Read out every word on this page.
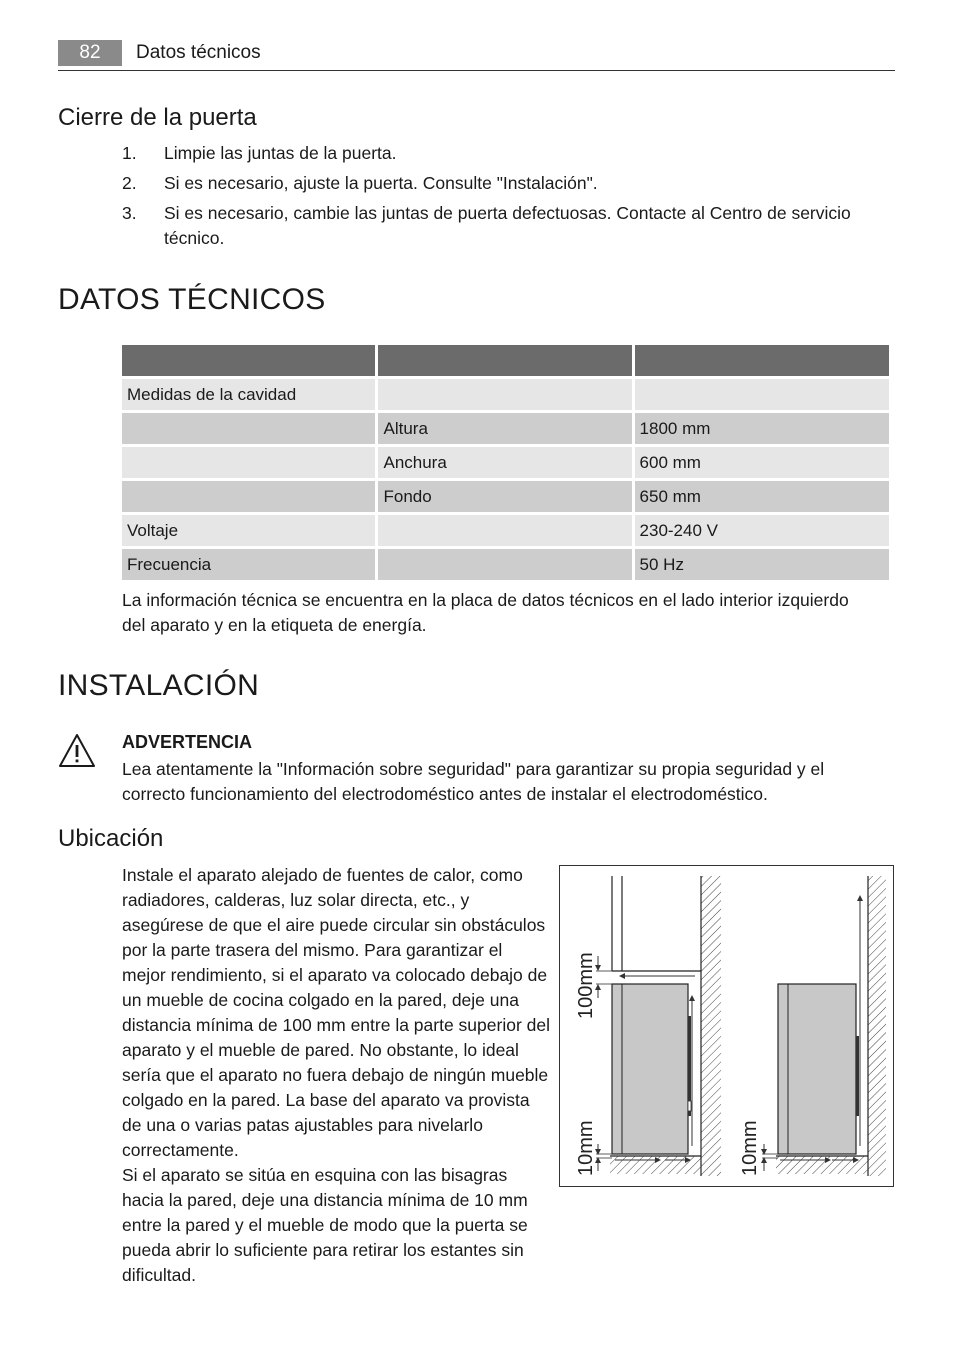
82	Datos técnicos
Cierre de la puerta
1. Limpie las juntas de la puerta.
2. Si es necesario, ajuste la puerta. Consulte "Instalación".
3. Si es necesario, cambie las juntas de puerta defectuosas. Contacte al Centro de servicio técnico.
DATOS TÉCNICOS

Medidas de la cavidad		
	Altura	1800 mm
	Anchura	600 mm
	Fondo	650 mm
Voltaje		230-240 V
Frecuencia		50 Hz
La información técnica se encuentra en la placa de datos técnicos en el lado interior izquierdo del aparato y en la etiqueta de energía.
INSTALACIÓN
ADVERTENCIA
Lea atentamente la "Información sobre seguridad" para garantizar su propia seguridad y el correcto funcionamiento del electrodoméstico antes de instalar el electrodoméstico.
Ubicación
Instale el aparato alejado de fuentes de calor, como radiadores, calderas, luz solar directa, etc., y asegúrese de que el aire puede circular sin obstáculos por la parte trasera del mismo. Para garantizar el mejor rendimiento, si el aparato va colocado debajo de un mueble de cocina colgado en la pared, deje una distancia mínima de 100 mm entre la parte superior del aparato y el mueble de pared. No obstante, lo ideal sería que el aparato no fuera debajo de ningún mueble colgado en la pared. La base del aparato va provista de una o varias patas ajustables para nivelarlo correctamente.
Si el aparato se sitúa en esquina con las bisagras hacia la pared, deje una distancia mínima de 10 mm entre la pared y el mueble de modo que la puerta se pueda abrir lo suficiente para retirar los estantes sin dificultad.
100mm
10mm	10mm
